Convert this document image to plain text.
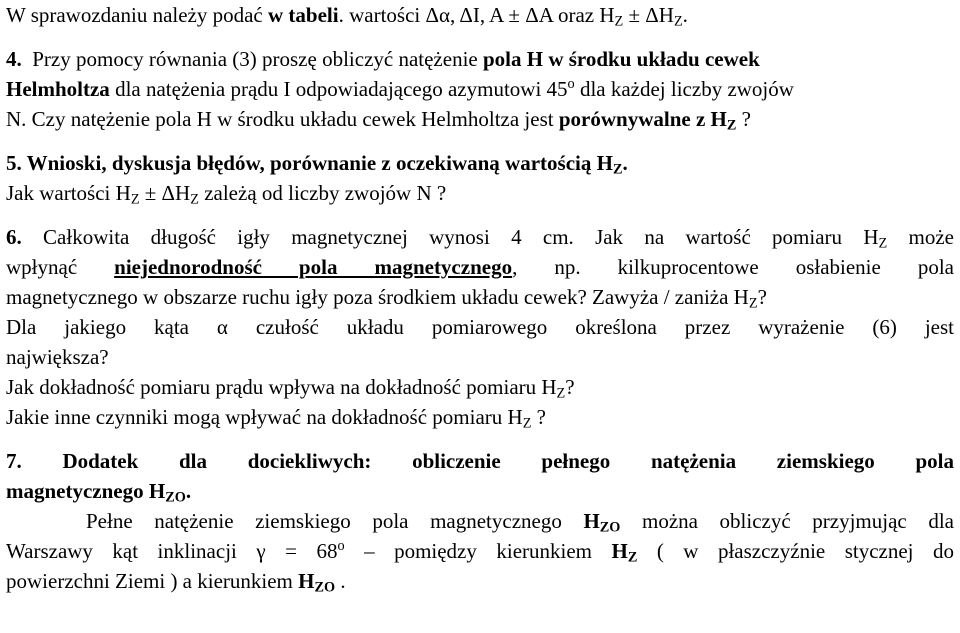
W sprawozdaniu należy podać w tabeli. wartości Δα, ΔI, A ± ΔA oraz $H_Z \pm \Delta H_Z$.
4.  Przy pomocy równania (3) proszę obliczyć natężenie pola H w środku układu cewek
Helmholtza dla natężenia prądu I odpowiadającego azymutowi 45$^o$ dla każdej liczby zwojów
N. Czy natężenie pola H w środku układu cewek Helmholtza jest porównywalne z $H_Z$ ?
5. Wnioski, dyskusja błędów, porównanie z oczekiwaną wartością $H_Z$.
Jak wartości $H_Z \pm \Delta H_Z$ zależą od liczby zwojów N ?
6. Całkowita długość igły magnetycznej wynosi 4 cm. Jak na wartość pomiaru $H_Z$ może
wpłynąć niejednorodność pola magnetycznego, np. kilkuprocentowe osłabienie pola
magnetycznego w obszarze ruchu igły poza środkiem układu cewek? Zawyża / zaniża $H_Z$?
Dla jakiego kąta α czułość układu pomiarowego określona przez wyrażenie (6) jest
największa?
Jak dokładność pomiaru prądu wpływa na dokładność pomiaru $H_Z$?
Jakie inne czynniki mogą wpływać na dokładność pomiaru $H_Z$ ?
7. Dodatek dla dociekliwych: obliczenie pełnego natężenia ziemskiego pola
magnetycznego $H_{ZO}$.
Pełne natężenie ziemskiego pola magnetycznego $H_{ZO}$ można obliczyć przyjmując dla
Warszawy kąt inklinacji $\gamma = 68^o$ – pomiędzy kierunkiem $H_Z$ ( w płaszczyźnie stycznej do
powierzchni Ziemi ) a kierunkiem $H_{ZO}$ .
